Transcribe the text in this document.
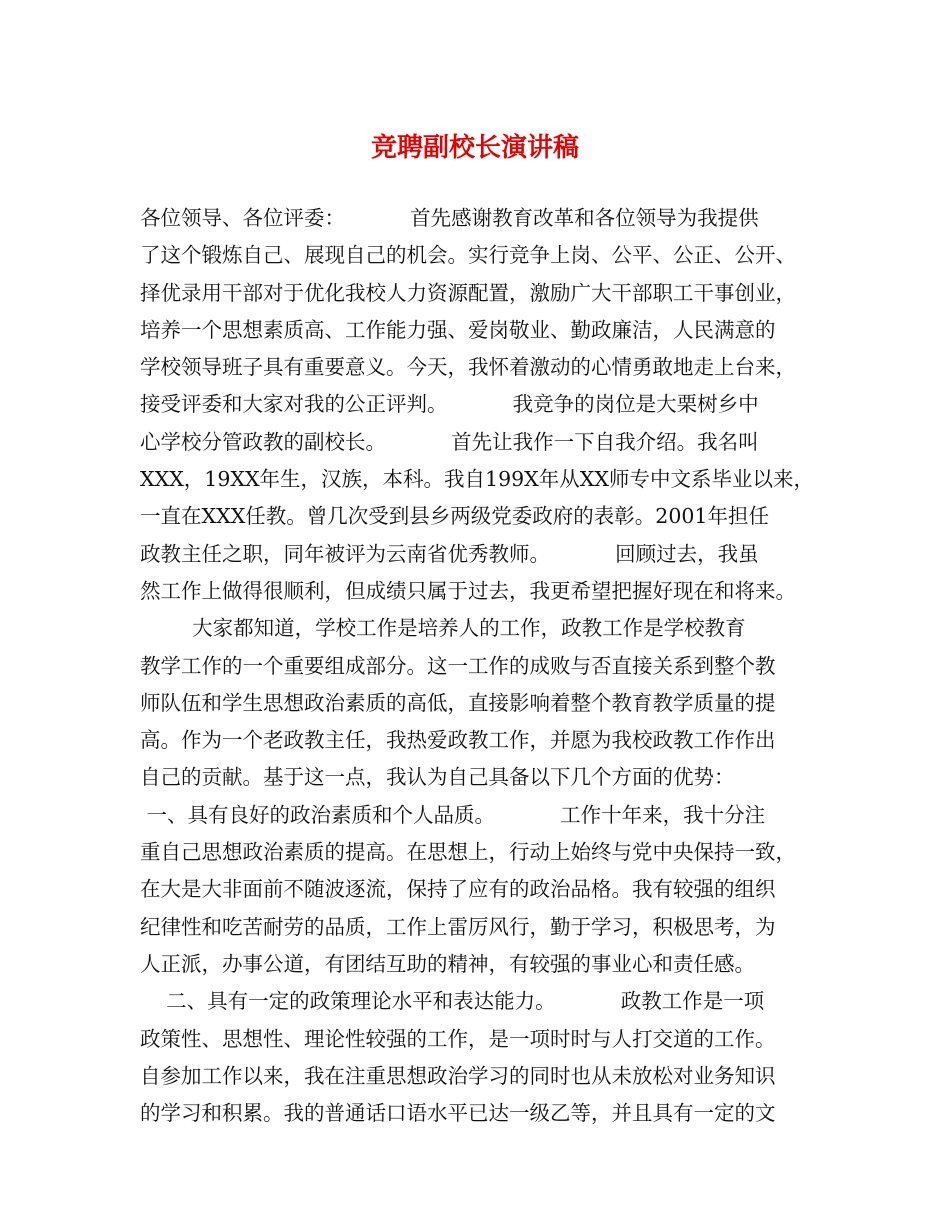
竞聘副校长演讲稿
各位领导、各位评委：          首先感谢教育改革和各位领导为我提供
了这个锻炼自己、展现自己的机会。实行竞争上岗、公平、公正、公开、
择优录用干部对于优化我校人力资源配置，激励广大干部职工干事创业，
培养一个思想素质高、工作能力强、爱岗敬业、勤政廉洁，人民满意的
学校领导班子具有重要意义。今天，我怀着激动的心情勇敢地走上台来，
接受评委和大家对我的公正评判。          我竞争的岗位是大栗树乡中
心学校分管政教的副校长。          首先让我作一下自我介绍。我名叫
XXX，19XX年生，汉族，本科。我自199X年从XX师专中文系毕业以来，
一直在XXX任教。曾几次受到县乡两级党委政府的表彰。2001年担任
政教主任之职，同年被评为云南省优秀教师。          回顾过去，我虽
然工作上做得很顺利，但成绩只属于过去，我更希望把握好现在和将来。
大家都知道，学校工作是培养人的工作，政教工作是学校教育
教学工作的一个重要组成部分。这一工作的成败与否直接关系到整个教
师队伍和学生思想政治素质的高低，直接影响着整个教育教学质量的提
高。作为一个老政教主任，我热爱政教工作，并愿为我校政教工作作出
自己的贡献。基于这一点，我认为自己具备以下几个方面的优势：
一、具有良好的政治素质和个人品质。          工作十年来，我十分注
重自己思想政治素质的提高。在思想上，行动上始终与党中央保持一致，
在大是大非面前不随波逐流，保持了应有的政治品格。我有较强的组织
纪律性和吃苦耐劳的品质，工作上雷厉风行，勤于学习，积极思考，为
人正派，办事公道，有团结互助的精神，有较强的事业心和责任感。
二、具有一定的政策理论水平和表达能力。          政教工作是一项
政策性、思想性、理论性较强的工作，是一项时时与人打交道的工作。
自参加工作以来，我在注重思想政治学习的同时也从未放松对业务知识
的学习和积累。我的普通话口语水平已达一级乙等，并且具有一定的文
